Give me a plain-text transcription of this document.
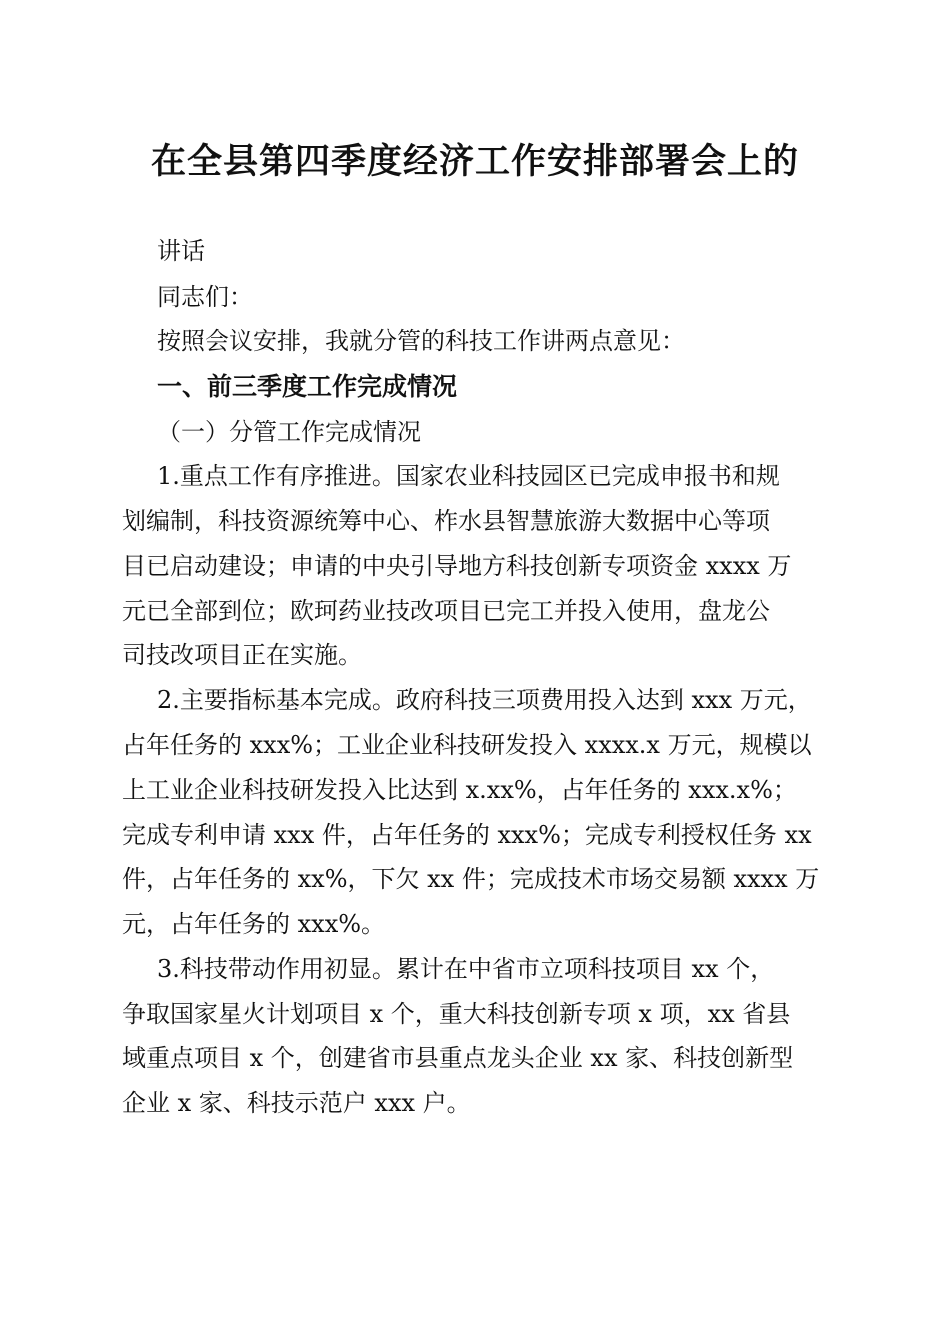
在全县第四季度经济工作安排部署会上的
讲话
同志们：
按照会议安排，我就分管的科技工作讲两点意见：
一、前三季度工作完成情况
（一）分管工作完成情况
1.重点工作有序推进。国家农业科技园区已完成申报书和规
划编制，科技资源统筹中心、柞水县智慧旅游大数据中心等项
目已启动建设；申请的中央引导地方科技创新专项资金 xxxx 万
元已全部到位；欧珂药业技改项目已完工并投入使用，盘龙公
司技改项目正在实施。
2.主要指标基本完成。政府科技三项费用投入达到 xxx 万元，
占年任务的 xxx%；工业企业科技研发投入 xxxx.x 万元，规模以
上工业企业科技研发投入比达到 x.xx%，占年任务的 xxx.x%；
完成专利申请 xxx 件，占年任务的 xxx%；完成专利授权任务 xx
件，占年任务的 xx%，下欠 xx 件；完成技术市场交易额 xxxx 万
元，占年任务的 xxx%。
3.科技带动作用初显。累计在中省市立项科技项目 xx 个，
争取国家星火计划项目 x 个，重大科技创新专项 x 项，xx 省县
域重点项目 x 个，创建省市县重点龙头企业 xx 家、科技创新型
企业 x 家、科技示范户 xxx 户。
